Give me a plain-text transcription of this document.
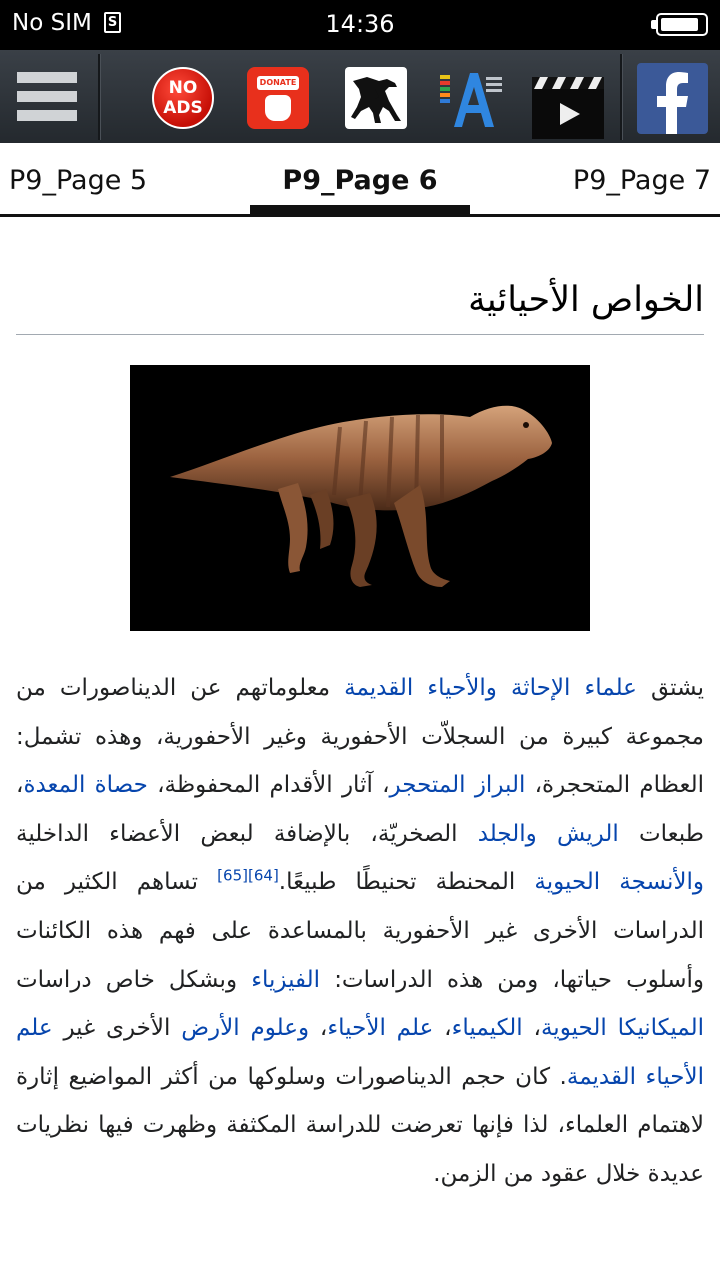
No SIM S	14:36
NO
ADS
DONATE
P9_Page 5	P9_Page 6	P9_Page 7
الخواص الأحيائية
يشتق علماء الإحاثة والأحياء القديمة معلوماتهم عن الديناصورات من مجموعة كبيرة من السجلاّت الأحفورية وغير الأحفورية، وهذه تشمل: العظام المتحجرة، البراز المتحجر، آثار الأقدام المحفوظة، حصاة المعدة، طبعات الريش والجلد الصخريّة، بالإضافة لبعض الأعضاء الداخلية والأنسجة الحيوية المحنطة تحنيطًا طبيعًا.[64][65] تساهم الكثير من الدراسات الأخرى غير الأحفورية بالمساعدة على فهم هذه الكائنات وأسلوب حياتها، ومن هذه الدراسات: الفيزياء وبشكل خاص دراسات الميكانيكا الحيوية، الكيمياء، علم الأحياء، وعلوم الأرض الأخرى غير علم الأحياء القديمة. كان حجم الديناصورات وسلوكها من أكثر المواضيع إثارة لاهتمام العلماء، لذا فإنها تعرضت للدراسة المكثفة وظهرت فيها نظريات عديدة خلال عقود من الزمن.
